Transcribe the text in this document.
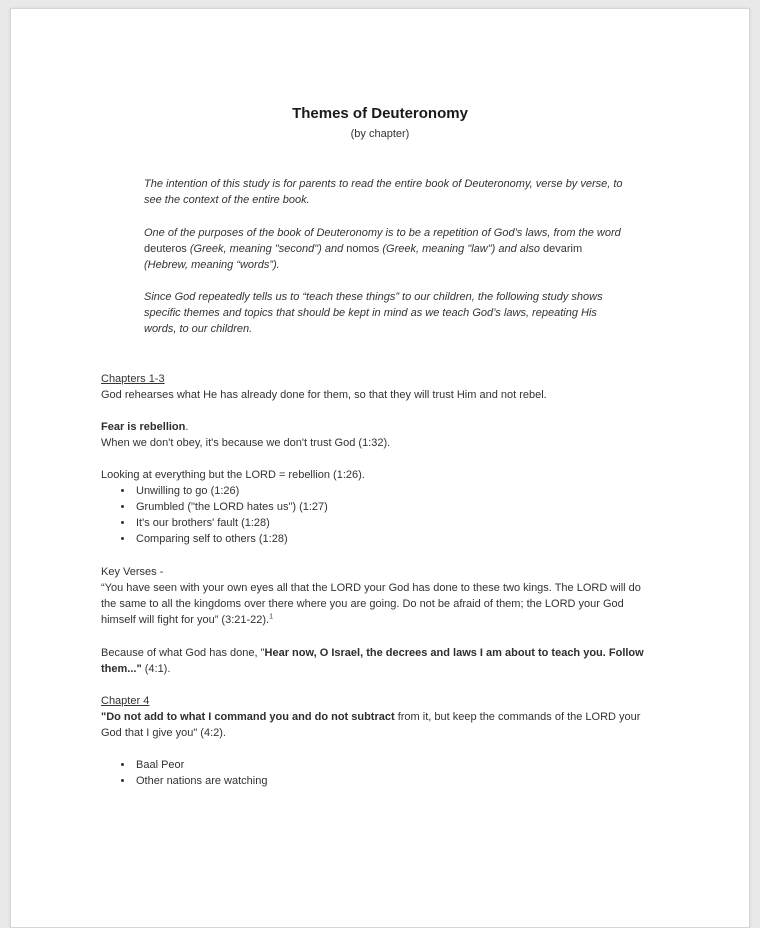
Themes of Deuteronomy
(by chapter)

The intention of this study is for parents to read the entire book of Deuteronomy, verse by verse, to see the context of the entire book.

One of the purposes of the book of Deuteronomy is to be a repetition of God’s laws, from the word deuteros (Greek, meaning "second") and nomos (Greek, meaning "law") and also devarim (Hebrew, meaning “words”).

Since God repeatedly tells us to “teach these things” to our children, the following study shows specific themes and topics that should be kept in mind as we teach God’s laws, repeating His words, to our children.

Chapters 1-3
God rehearses what He has already done for them, so that they will trust Him and not rebel.
Fear is rebellion.
When we don't obey, it's because we don't trust God (1:32).
Looking at everything but the LORD = rebellion (1:26).
• Unwilling to go (1:26)
• Grumbled ("the LORD hates us") (1:27)
• It's our brothers' fault (1:28)
• Comparing self to others (1:28)
Key Verses -
“You have seen with your own eyes all that the LORD your God has done to these two kings. The LORD will do the same to all the kingdoms over there where you are going. Do not be afraid of them; the LORD your God himself will fight for you” (3:21-22).$^1$
Because of what God has done, "Hear now, O Israel, the decrees and laws I am about to teach you. Follow them..." (4:1).
Chapter 4
"Do not add to what I command you and do not subtract from it, but keep the commands of the LORD your God that I give you" (4:2).
• Baal Peor
• Other nations are watching
